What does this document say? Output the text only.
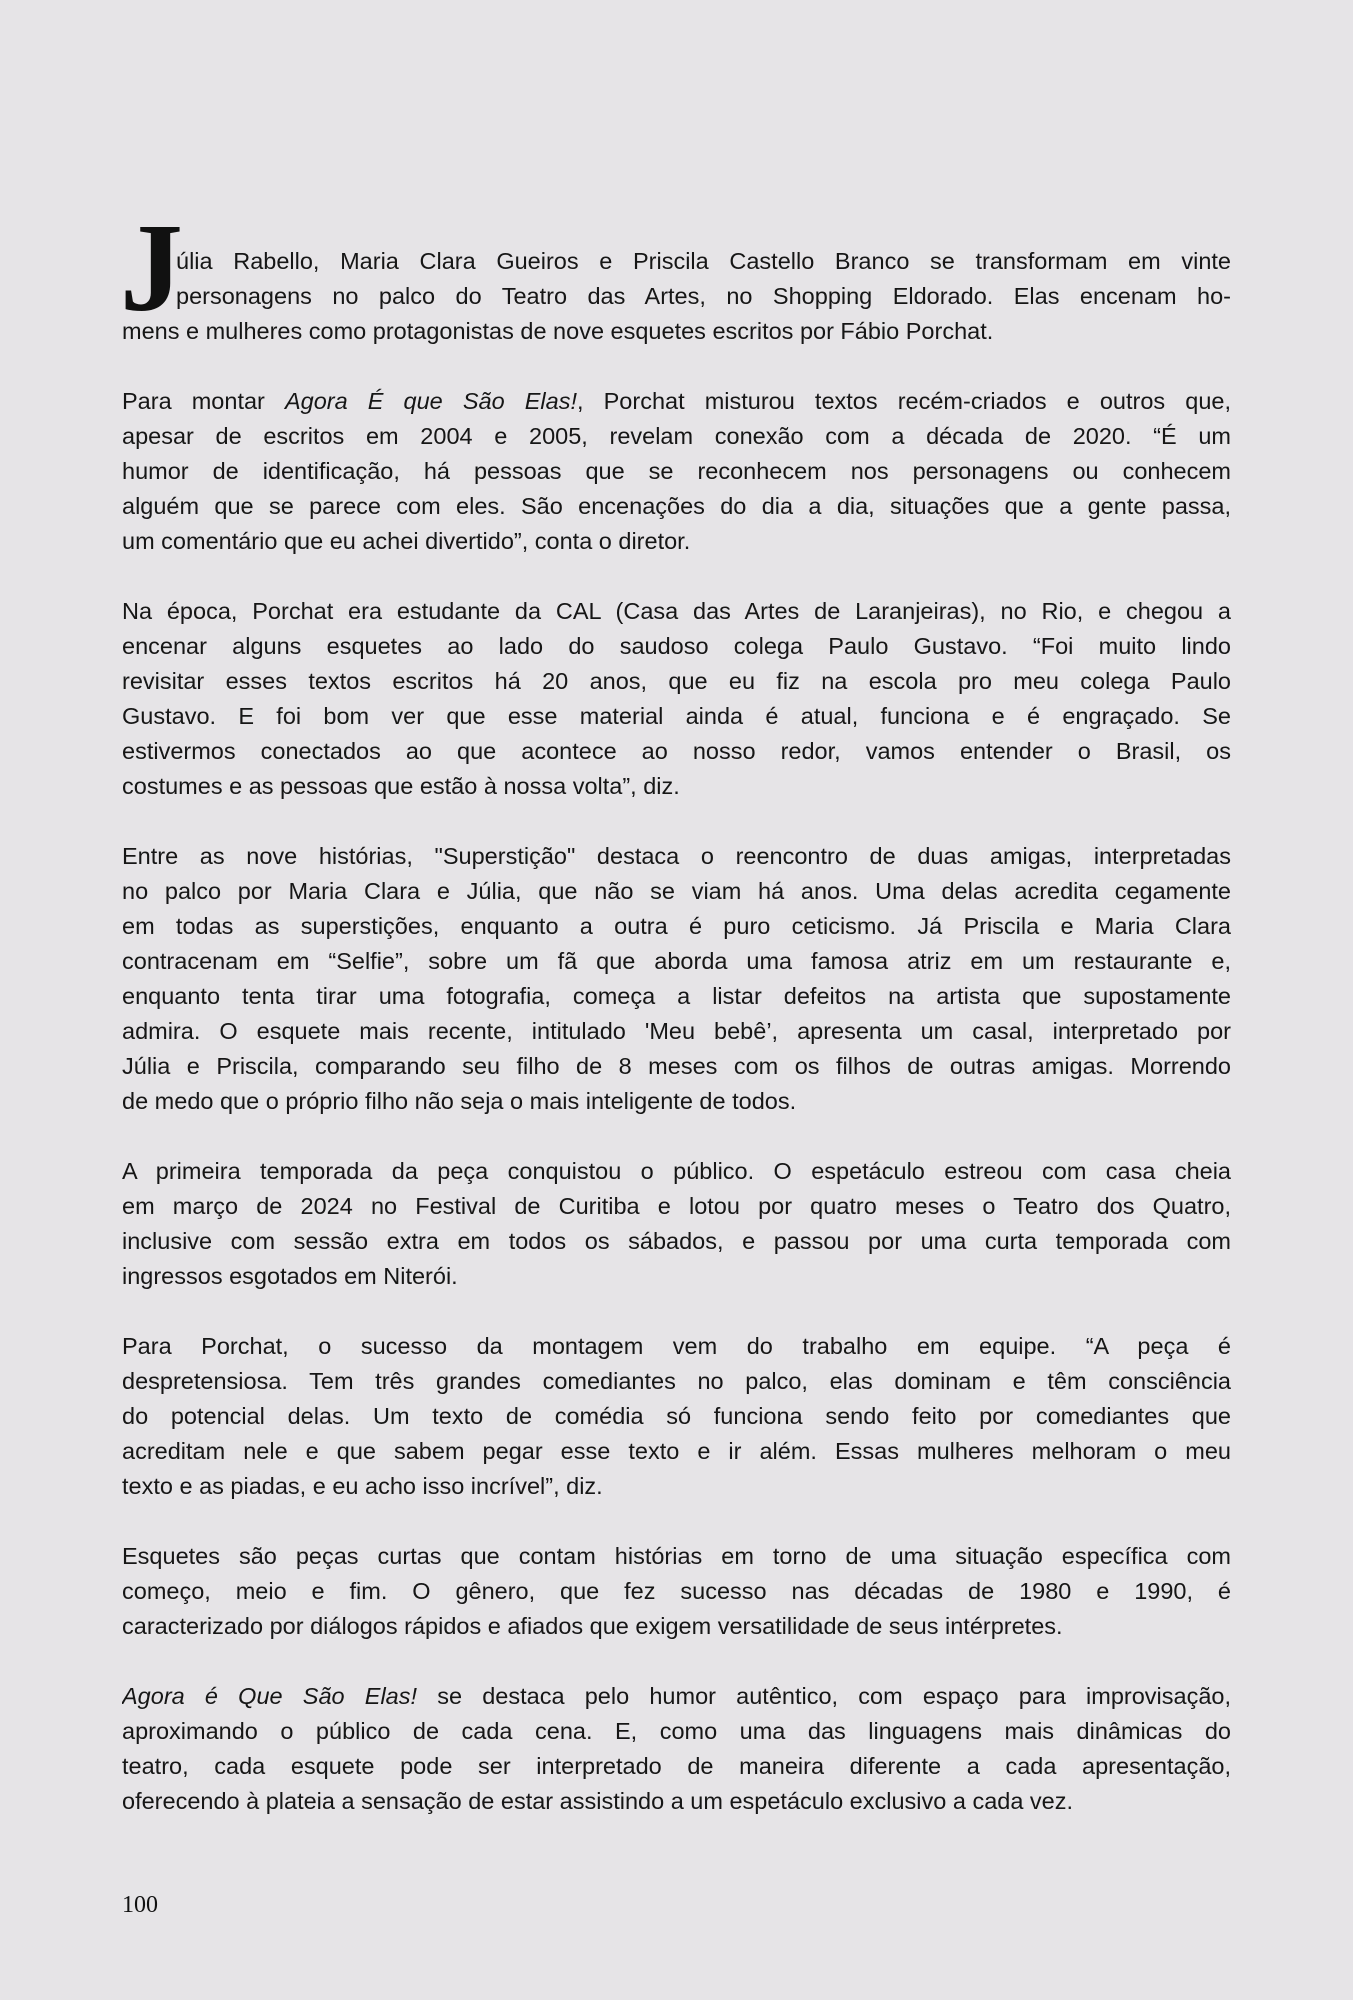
J
úlia Rabello, Maria Clara Gueiros e Priscila Castello Branco se transformam em vinte
personagens no palco do Teatro das Artes, no Shopping Eldorado. Elas encenam ho-
mens e mulheres como protagonistas de nove esquetes escritos por Fábio Porchat.
Para montar Agora É que São Elas!, Porchat misturou textos recém-criados e outros que,
apesar de escritos em 2004 e 2005, revelam conexão com a década de 2020. “É um
humor de identificação, há pessoas que se reconhecem nos personagens ou conhecem
alguém que se parece com eles. São encenações do dia a dia, situações que a gente passa,
um comentário que eu achei divertido”, conta o diretor.
Na época, Porchat era estudante da CAL (Casa das Artes de Laranjeiras), no Rio, e chegou a
encenar alguns esquetes ao lado do saudoso colega Paulo Gustavo. “Foi muito lindo
revisitar esses textos escritos há 20 anos, que eu fiz na escola pro meu colega Paulo
Gustavo. E foi bom ver que esse material ainda é atual, funciona e é engraçado. Se
estivermos conectados ao que acontece ao nosso redor, vamos entender o Brasil, os
costumes e as pessoas que estão à nossa volta”, diz.
Entre as nove histórias, "Superstição" destaca o reencontro de duas amigas, interpretadas
no palco por Maria Clara e Júlia, que não se viam há anos. Uma delas acredita cegamente
em todas as superstições, enquanto a outra é puro ceticismo. Já Priscila e Maria Clara
contracenam em “Selfie”, sobre um fã que aborda uma famosa atriz em um restaurante e,
enquanto tenta tirar uma fotografia, começa a listar defeitos na artista que supostamente
admira. O esquete mais recente, intitulado 'Meu bebê’, apresenta um casal, interpretado por
Júlia e Priscila, comparando seu filho de 8 meses com os filhos de outras amigas. Morrendo
de medo que o próprio filho não seja o mais inteligente de todos.
A primeira temporada da peça conquistou o público. O espetáculo estreou com casa cheia
em março de 2024 no Festival de Curitiba e lotou por quatro meses o Teatro dos Quatro,
inclusive com sessão extra em todos os sábados, e passou por uma curta temporada com
ingressos esgotados em Niterói.
Para Porchat, o sucesso da montagem vem do trabalho em equipe. “A peça é
despretensiosa. Tem três grandes comediantes no palco, elas dominam e têm consciência
do potencial delas. Um texto de comédia só funciona sendo feito por comediantes que
acreditam nele e que sabem pegar esse texto e ir além. Essas mulheres melhoram o meu
texto e as piadas, e eu acho isso incrível”, diz.
Esquetes são peças curtas que contam histórias em torno de uma situação específica com
começo, meio e fim. O gênero, que fez sucesso nas décadas de 1980 e 1990, é
caracterizado por diálogos rápidos e afiados que exigem versatilidade de seus intérpretes.
Agora é Que São Elas! se destaca pelo humor autêntico, com espaço para improvisação,
aproximando o público de cada cena. E, como uma das linguagens mais dinâmicas do
teatro, cada esquete pode ser interpretado de maneira diferente a cada apresentação,
oferecendo à plateia a sensação de estar assistindo a um espetáculo exclusivo a cada vez.
100
